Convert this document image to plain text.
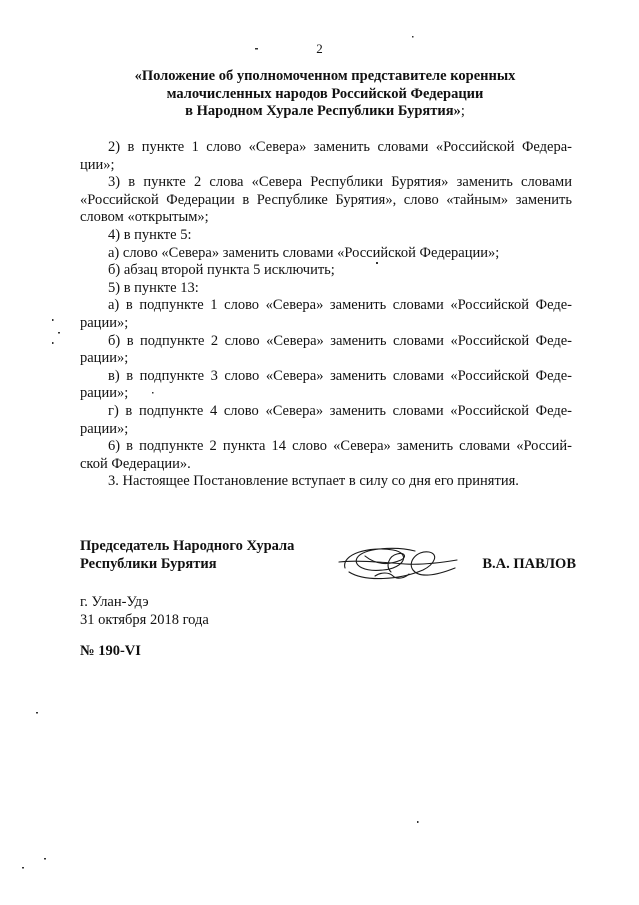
2
«Положение об уполномоченном представителе коренных
малочисленных народов Российской Федерации
в Народном Хурале Республики Бурятия»;

2) в пункте 1 слово «Севера» заменить словами «Российской Федера-ции»;

3) в пункте 2 слова «Севера Республики Бурятия» заменить словами «Российской Федерации в Республике Бурятия», слово «тайным» заменить словом «открытым»;

4) в пункте 5:

а) слово «Севера» заменить словами «Российской Федерации»;

б) абзац второй пункта 5 исключить;

5) в пункте 13:

а) в подпункте 1 слово «Севера» заменить словами «Российской Феде-рации»;

б) в подпункте 2 слово «Севера» заменить словами «Российской Феде-рации»;

в) в подпункте 3 слово «Севера» заменить словами «Российской Феде-рации»;

г) в подпункте 4 слово «Севера» заменить словами «Российской Феде-рации»;

6) в подпункте 2 пункта 14 слово «Севера» заменить словами «Россий-ской Федерации».

3. Настоящее Постановление вступает в силу со дня его принятия.

Председатель Народного Хурала
Республики Бурятия	В.А. ПАВЛОВ
г. Улан-Удэ
31 октября 2018 года
№ 190-VI
